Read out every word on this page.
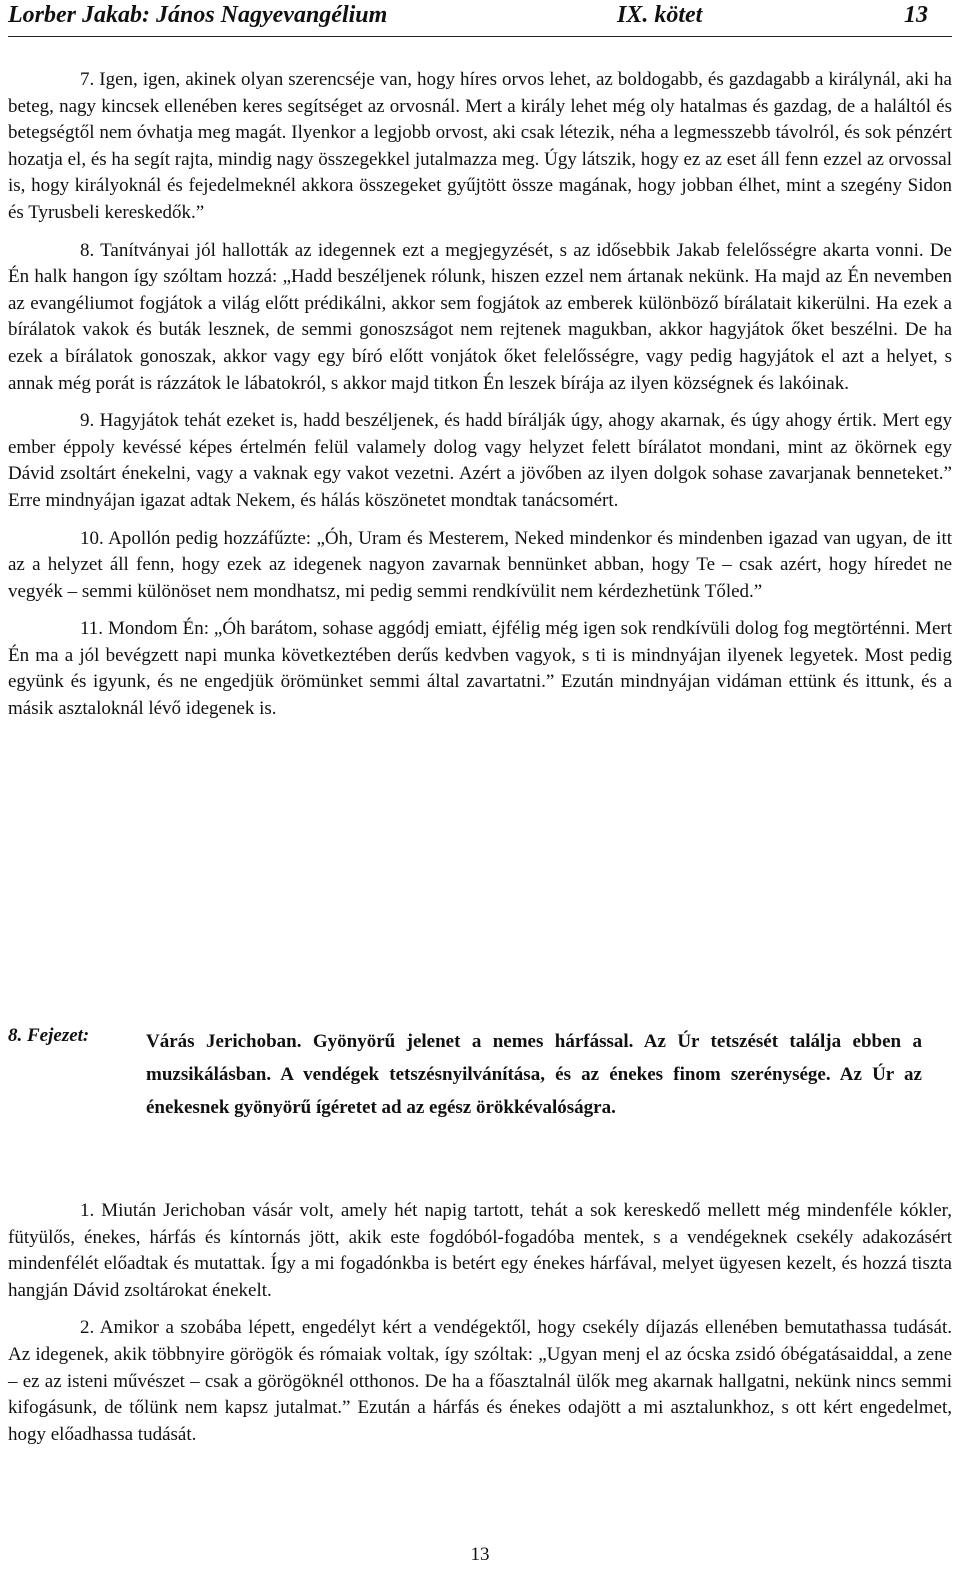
Lorber Jakab: János Nagyevangélium	IX. kötet	13

7. Igen, igen, akinek olyan szerencséje van, hogy híres orvos lehet, az boldogabb, és gazdagabb a királynál, aki ha beteg, nagy kincsek ellenében keres segítséget az orvosnál. Mert a király lehet még oly hatalmas és gazdag, de a haláltól és betegségtől nem óvhatja meg magát. Ilyenkor a legjobb orvost, aki csak létezik, néha a legmesszebb távolról, és sok pénzért hozatja el, és ha segít rajta, mindig nagy összegekkel jutalmazza meg. Úgy látszik, hogy ez az eset áll fenn ezzel az orvossal is, hogy királyoknál és fejedelmeknél akkora összegeket gyűjtött össze magának, hogy jobban élhet, mint a szegény Sidon és Tyrusbeli kereskedők.”

8. Tanítványai jól hallották az idegennek ezt a megjegyzését, s az idősebbik Jakab felelősségre akarta vonni. De Én halk hangon így szóltam hozzá: „Hadd beszéljenek rólunk, hiszen ezzel nem ártanak nekünk. Ha majd az Én nevemben az evangéliumot fogjátok a világ előtt prédikálni, akkor sem fogjátok az emberek különböző bírálatait kikerülni. Ha ezek a bírálatok vakok és buták lesznek, de semmi gonoszságot nem rejtenek magukban, akkor hagyjátok őket beszélni. De ha ezek a bírálatok gonoszak, akkor vagy egy bíró előtt vonjátok őket felelősségre, vagy pedig hagyjátok el azt a helyet, s annak még porát is rázzátok le lábatokról, s akkor majd titkon Én leszek bírája az ilyen községnek és lakóinak.

9. Hagyjátok tehát ezeket is, hadd beszéljenek, és hadd bírálják úgy, ahogy akarnak, és úgy ahogy értik. Mert egy ember éppoly kevéssé képes értelmén felül valamely dolog vagy helyzet felett bírálatot mondani, mint az ökörnek egy Dávid zsoltárt énekelni, vagy a vaknak egy vakot vezetni. Azért a jövőben az ilyen dolgok sohase zavarjanak benneteket.” Erre mindnyájan igazat adtak Nekem, és hálás köszönetet mondtak tanácsomért.

10. Apollón pedig hozzáfűzte: „Óh, Uram és Mesterem, Neked mindenkor és mindenben igazad van ugyan, de itt az a helyzet áll fenn, hogy ezek az idegenek nagyon zavarnak bennünket abban, hogy Te – csak azért, hogy híredet ne vegyék – semmi különöset nem mondhatsz, mi pedig semmi rendkívülit nem kérdezhetünk Tőled.”

11. Mondom Én: „Óh barátom, sohase aggódj emiatt, éjfélig még igen sok rendkívüli dolog fog megtörténni. Mert Én ma a jól bevégzett napi munka következtében derűs kedvben vagyok, s ti is mindnyájan ilyenek legyetek. Most pedig együnk és igyunk, és ne engedjük örömünket semmi által zavartatni.” Ezután mindnyájan vidáman ettünk és ittunk, és a másik asztaloknál lévő idegenek is.

8. Fejezet:	Várás Jerichoban. Gyönyörű jelenet a nemes hárfással. Az Úr tetszését találja ebben a muzsikálásban. A vendégek tetszésnyilvánítása, és az énekes finom szerénysége. Az Úr az énekesnek gyönyörű ígéretet ad az egész örökkévalóságra.

1. Miután Jerichoban vásár volt, amely hét napig tartott, tehát a sok kereskedő mellett még mindenféle kókler, fütyülős, énekes, hárfás és kíntornás jött, akik este fogdóból-fogadóba mentek, s a vendégeknek csekély adakozásért mindenfélét előadtak és mutattak. Így a mi fogadónkba is betért egy énekes hárfával, melyet ügyesen kezelt, és hozzá tiszta hangján Dávid zsoltárokat énekelt.

2. Amikor a szobába lépett, engedélyt kért a vendégektől, hogy csekély díjazás ellenében bemutathassa tudását. Az idegenek, akik többnyire görögök és rómaiak voltak, így szóltak: „Ugyan menj el az ócska zsidó óbégatásaiddal, a zene – ez az isteni művészet – csak a görögöknél otthonos. De ha a főasztalnál ülők meg akarnak hallgatni, nekünk nincs semmi kifogásunk, de tőlünk nem kapsz jutalmat.” Ezután a hárfás és énekes odajött a mi asztalunkhoz, s ott kért engedelmet, hogy előadhassa tudását.

13
